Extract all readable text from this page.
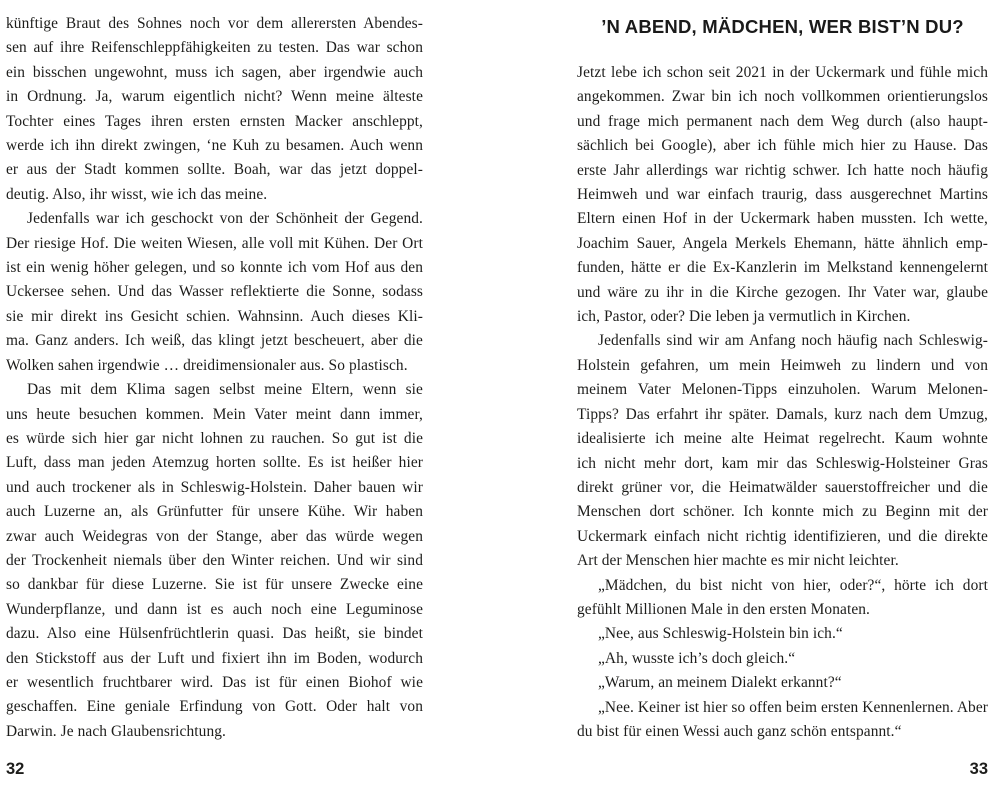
künftige Braut des Sohnes noch vor dem allerersten Abendes-
sen auf ihre Reifenschleppfähigkeiten zu testen. Das war schon
ein bisschen ungewohnt, muss ich sagen, aber irgendwie auch
in Ordnung. Ja, warum eigentlich nicht? Wenn meine älteste
Tochter eines Tages ihren ersten ernsten Macker anschleppt,
werde ich ihn direkt zwingen, ‘ne Kuh zu besamen. Auch wenn
er aus der Stadt kommen sollte. Boah, war das jetzt doppel-
deutig. Also, ihr wisst, wie ich das meine.

Jedenfalls war ich geschockt von der Schönheit der Gegend.
Der riesige Hof. Die weiten Wiesen, alle voll mit Kühen. Der Ort
ist ein wenig höher gelegen, und so konnte ich vom Hof aus den
Uckersee sehen. Und das Wasser reflektierte die Sonne, sodass
sie mir direkt ins Gesicht schien. Wahnsinn. Auch dieses Kli-
ma. Ganz anders. Ich weiß, das klingt jetzt bescheuert, aber die
Wolken sahen irgendwie … dreidimensionaler aus. So plastisch.

Das mit dem Klima sagen selbst meine Eltern, wenn sie
uns heute besuchen kommen. Mein Vater meint dann immer,
es würde sich hier gar nicht lohnen zu rauchen. So gut ist die
Luft, dass man jeden Atemzug horten sollte. Es ist heißer hier
und auch trockener als in Schleswig-Holstein. Daher bauen wir
auch Luzerne an, als Grünfutter für unsere Kühe. Wir haben
zwar auch Weidegras von der Stange, aber das würde wegen
der Trockenheit niemals über den Winter reichen. Und wir sind
so dankbar für diese Luzerne. Sie ist für unsere Zwecke eine
Wunderpflanze, und dann ist es auch noch eine Leguminose
dazu. Also eine Hülsenfrüchtlerin quasi. Das heißt, sie bindet
den Stickstoff aus der Luft und fixiert ihn im Boden, wodurch
er wesentlich fruchtbarer wird. Das ist für einen Biohof wie
geschaffen. Eine geniale Erfindung von Gott. Oder halt von
Darwin. Je nach Glaubensrichtung.

32
’N ABEND, MÄDCHEN, WER BIST’N DU?

Jetzt lebe ich schon seit 2021 in der Uckermark und fühle mich
angekommen. Zwar bin ich noch vollkommen orientierungslos
und frage mich permanent nach dem Weg durch (also haupt-
sächlich bei Google), aber ich fühle mich hier zu Hause. Das
erste Jahr allerdings war richtig schwer. Ich hatte noch häufig
Heimweh und war einfach traurig, dass ausgerechnet Martins
Eltern einen Hof in der Uckermark haben mussten. Ich wette,
Joachim Sauer, Angela Merkels Ehemann, hätte ähnlich emp-
funden, hätte er die Ex-Kanzlerin im Melkstand kennengelernt
und wäre zu ihr in die Kirche gezogen. Ihr Vater war, glaube
ich, Pastor, oder? Die leben ja vermutlich in Kirchen.

Jedenfalls sind wir am Anfang noch häufig nach Schleswig-
Holstein gefahren, um mein Heimweh zu lindern und von
meinem Vater Melonen-Tipps einzuholen. Warum Melonen-
Tipps? Das erfahrt ihr später. Damals, kurz nach dem Umzug,
idealisierte ich meine alte Heimat regelrecht. Kaum wohnte
ich nicht mehr dort, kam mir das Schleswig-Holsteiner Gras
direkt grüner vor, die Heimatwälder sauerstoffreicher und die
Menschen dort schöner. Ich konnte mich zu Beginn mit der
Uckermark einfach nicht richtig identifizieren, und die direkte
Art der Menschen hier machte es mir nicht leichter.

„Mädchen, du bist nicht von hier, oder?“, hörte ich dort
gefühlt Millionen Male in den ersten Monaten.

„Nee, aus Schleswig-Holstein bin ich.“

„Ah, wusste ich’s doch gleich.“

„Warum, an meinem Dialekt erkannt?“

„Nee. Keiner ist hier so offen beim ersten Kennenlernen. Aber
du bist für einen Wessi auch ganz schön entspannt.“

33
